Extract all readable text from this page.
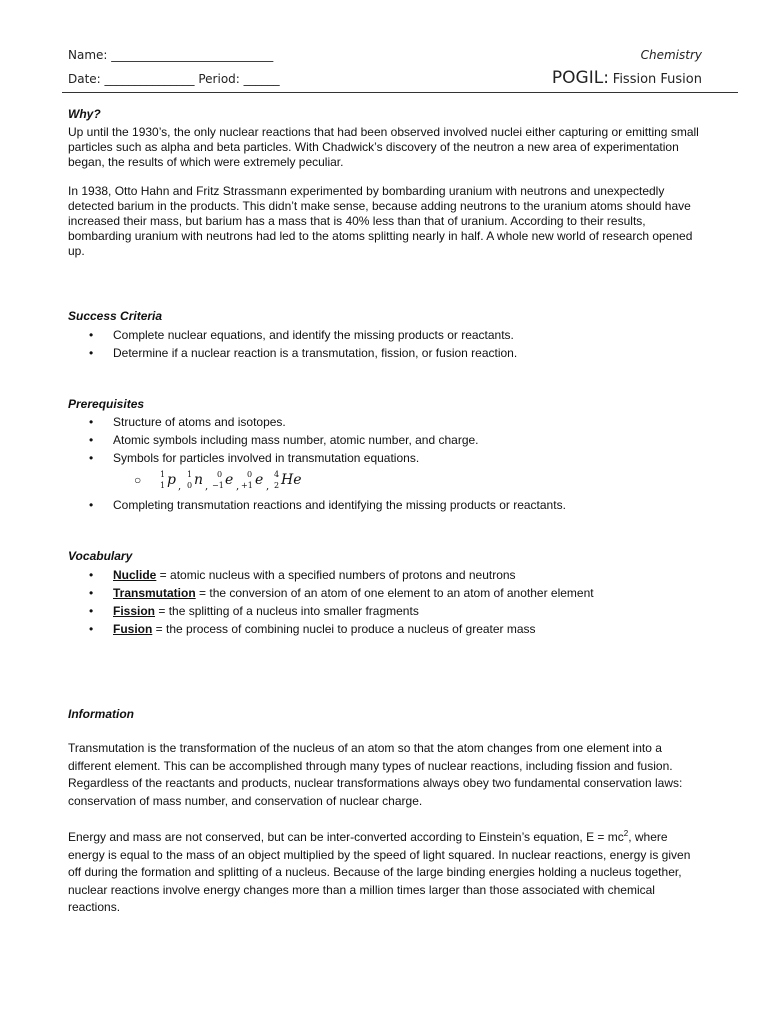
Name: ___________________________
Date: _______________ Period: ______
Chemistry
POGIL: Fission Fusion
Why?

Up until the 1930’s, the only nuclear reactions that had been observed involved nuclei either capturing or emitting small particles such as alpha and beta particles. With Chadwick’s discovery of the neutron a new area of experimentation began, the results of which were extremely peculiar.

In 1938, Otto Hahn and Fritz Strassmann experimented by bombarding uranium with neutrons and unexpectedly detected barium in the products. This didn’t make sense, because adding neutrons to the uranium atoms should have increased their mass, but barium has a mass that is 40% less than that of uranium. According to their results, bombarding uranium with neutrons had led to the atoms splitting nearly in half. A whole new world of research opened up.

Success Criteria
• Complete nuclear equations, and identify the missing products or reactants.
• Determine if a nuclear reaction is a transmutation, fission, or fusion reaction.
Prerequisites
• Structure of atoms and isotopes.
• Atomic symbols including mass number, atomic number, and charge.
• Symbols for particles involved in transmutation equations.
○ 1
1 p ,
1
0 n ,
0
−1 e ,
0
+1 e ,
4
2 He
• Completing transmutation reactions and identifying the missing products or reactants.
Vocabulary
• Nuclide = atomic nucleus with a specified numbers of protons and neutrons
• Transmutation = the conversion of an atom of one element to an atom of another element
• Fission = the splitting of a nucleus into smaller fragments
• Fusion = the process of combining nuclei to produce a nucleus of greater mass
Information

Transmutation is the transformation of the nucleus of an atom so that the atom changes from one element into a different element. This can be accomplished through many types of nuclear reactions, including fission and fusion. Regardless of the reactants and products, nuclear transformations always obey two fundamental conservation laws: conservation of mass number, and conservation of nuclear charge.

Energy and mass are not conserved, but can be inter-converted according to Einstein’s equation, $E = mc^2$, where energy is equal to the mass of an object multiplied by the speed of light squared. In nuclear reactions, energy is given off during the formation and splitting of a nucleus. Because of the large binding energies holding a nucleus together, nuclear reactions involve energy changes more than a million times larger than those associated with chemical reactions.
